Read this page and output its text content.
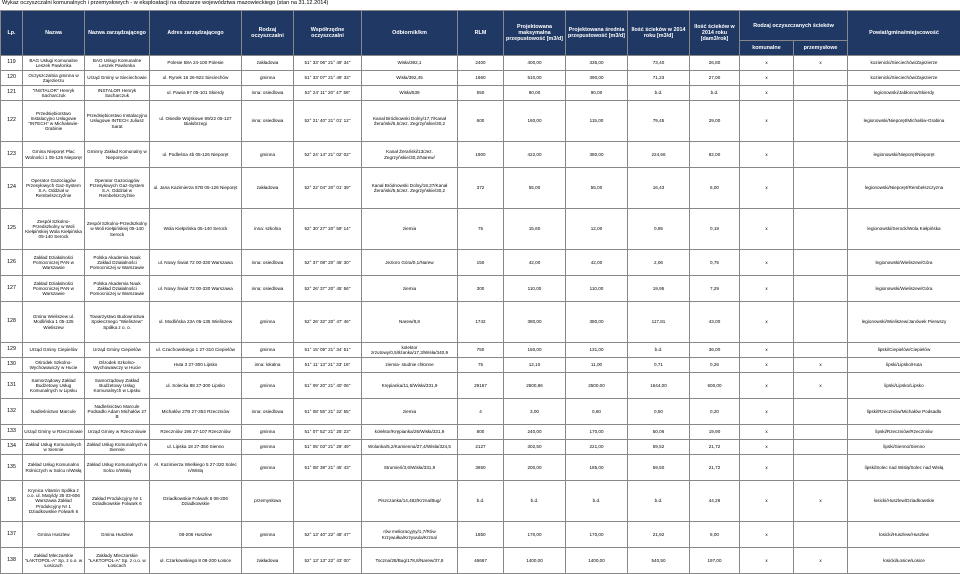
Wykaz oczyszczalni komunalnych i przemysłowych - w eksploatacji na obszarze województwa mazowieckiego (stan na 31.12.2014)
Lp.	Nazwa	Nazwa zarządzającego	Adres zarządzającego	Rodzaj oczyszczalni	Współrzędne oczyszczalni	Odbiornik/km	RLM	Projektowana maksymalna przepustowość [m3/d]	Projektowana średnia przepustowość [m3/d]	Ilość ścieków w 2014 roku [m3/d]	Ilość ścieków w 2014 roku [dam3/rok]	Rodzaj oczyszczanych ścieków		Powiat/gmina/miejscowość
												komunalne	przemysłowe	
119	BAG Usługi Komunalne Leszek Pawlonka	BAG Usługi Komunalne Leszek Pawlonka	Polesie 58A 24-100 Polesie	zakładowa	51° 33' 06'' 21° 49' 34''	Wisła/392,1	2400	400,00	335,00	73,40	26,80	x	x	kozienicki/Sieciechów/Zajezierze
120	Oczyszczalnia gminna w Zajezierzu	Urząd Gminy w Sieciechowie	ul. Rynek 16 26-922 Sieciechów	gminna	51° 33' 07'' 21° 49' 33''	Wisła/392,45	1660	510,00	390,00	71,23	27,00	x		kozienicki/Sieciechów/Zajezierze
121	"INSTALOR" Henryk Sacharczuk	INSTALOR Henryk Sacharczuk	ul. Pawia 97 05-101 Skierdy	inna: osiedlowa	52° 24' 11'' 20° 47' 56''	Wisła/539	550	90,00	90,00	b.d.	b.d.	x		legionowski/Jabłonna/Skierdy
122	Przedsiębiorstwo Instalacyjno Usługowe "INTECH" w Michałowie-Grabinie	Przedsiębiorstwo Instalacyjno Usługowe INTECH Juliusz Sarat	ul. Osiedle Wojskowe 89/22 05-127 Białobrzegi	inna: osiedlowa	52° 21' 40'' 21° 01' 12''	Kanał Bródnowski Dolny/17,7/Kanał Żerański/5,5/Jez. Zegrzyńskie/30,2	600	160,00	115,00	79,45	29,00	x		legionowski/Nieporęt/Michałów-Grabina
123	Gmina Nieporęt Plac Wolności 1 05-126 Nieporęt	Gminny Zakład Komunalny w Nieporęcie	ul. Podleśna 4b 05-126 Nieporęt	gminna	52° 24' 14'' 21° 02' 02''	Kanał Żerański/13/Jez. Zegrzyńskie/30,2/Narew/	1900	422,00	380,00	224,66	82,00	x		legionowski/Nieporęt/Nieporęt
124	Operator Gazociągów Przesyłowych Gaz-System S.A. Oddział w Rembelszczyźnie	Operator Gazociągów Przesyłowych Gaz-System S.A. Oddział w Rembelszczyźnie	ul. Jana Kazimierza 57B 05-126 Nieporęt	zakładowa	52° 22' 04'' 20° 01' 39''	Kanał Bródnowski Dolny/18,37/Kanał Żerański/5,5/Jez. Zegrzyńskie/30,2	372	55,00	55,00	16,43	6,00	x		legionowski/Nieporęt/Rembelszczyzna
125	Zespół Szkolno-Przedszkolny w Woli Kiełpińskiej Wola Kiełpińska 05-140 Serock	Zespół Szkolno-Przedszkolny w Woli Kiełpińskiej 05-140 Serock	Wola Kiełpińska 05-140 Serock	inna: szkolna	52° 30' 27'' 20° 59' 14''	ziemia	75	15,60	12,00	0,95	0,19	x		legionowski/Serock/Wola Kiełpińska
126	Zakład Działalności Pomocniczej PAN w Warszawie	Polska Akademia Nauk Zakład Działalności Pomocniczej w Warszawie	ul. Nowy Świat 72 00-330 Warszawa	inna: osiedlowa	52° 37' 08'' 20° 46' 30''	Jezioro Góra/0,1/Narew	150	42,00	42,00	2,06	0,75	x		legionowski/Wieliszew/Góra
127	Zakład Działalności Pomocniczej PAN w Warszawie	Polska Akademia Nauk Zakład Działalności Pomocniczej w Warszawie	ul. Nowy Świat 72 00-330 Warszawa	inna: osiedlowa	52° 26' 37'' 20° 45' 56''	ziemia	300	110,00	110,00	19,95	7,29	x		legionowski/Wieliszew/Góra
128	Gmina Wieliszew ul. Modlińska 1 05-135 Wieliszew	Towarzystwo Budownictwa Społecznego "Wieliszew" Spółka z o. o.	ul. Modlińska 23A 05-135 Wieliszew	gminna	52° 26' 32'' 20° 47' 46''	Narew/8,8	1742	380,00	380,00	117,81	43,00	x		legionowski/Wieliszew/Janówek Pierwszy
129	Urząd Gminy Ciepielów	Urząd Gminy Ciepielów	ul. Czachowskiego 1 27-310 Ciepielów	gminna	51° 15' 09'' 21° 34' 51''	kolektor zrzutowy/0,5/Iłżanka/17,3/Wisła/340,9	750	150,00	131,00	b.d.	36,00	x		lipski/Ciepielów/Ciepielów
130	Ośrodek Szkolno-Wychowawczy w Hucie	Ośrodek Szkolno-Wychowawczy w Hucie	Huta 3 27-300 Lipsko	inna: lokalna	51° 11' 13'' 21° 33' 16''	ziemia- studnie chłonne	75	12,10	11,00	0,71	0,26	x	x	lipski/Lipsko/Huta
131	Samorządowy Zakład Budżetowy Usług Komunalnych w Lipsku	Samorządowy Zakład Budżetowy Usług Komunalnych w Lipsku	ul. Solecka 88 27-300 Lipsko	gminna	51° 09' 20'' 21° 40' 06''	Krępianka/11,5/Wisła/331,9	29167	2500,86	2500,00	1644,00	600,00	x	x	lipski/Lipsko/Lipsko
132	Nadleśnictwo Marcule	Nadleśnictwo Marcule Podsadło Adam Michałów 27 B	Michałów 27B 27-353 Rzeczniów	inna: osiedlowa	51° 08' 55'' 21° 22' 55''	ziemia	4	3,00	0,60	0,50	0,20	x		lipski/Rzeczniów/Michałów Podsadło
133	Urząd Gminy w Rzeczniowie	Urząd Gminy w Rzeczniowie	Rzeczniów 196 27-107 Rzeczniów	gminna	51° 07' 52'' 21° 25' 23''	kolektor/Krępianka/26/Wisła/331,9	800	240,00	170,00	50,06	19,90	x		lipski/Rzeczniów/Rzeczniów
134	Zakład Usług Komunalnych w Siennie	Zakład Usług Komunalnych w Siennie	ul. Lipska 18 27-350 Sienno	gminna	51° 05' 03'' 21° 28' 49''	Wolanka/5,2/Kamienna/27,4/Wisła/324,5	2127	302,50	221,00	59,52	21,72	x		lipski/Sienno/Sienno
135	Zakład Usług Komunalno Rolniczych w Solcu n/Wisłą	Zakład Usług Komunalnych w Solcu n/Wisłą	Al. Kazimierza Wielkiego 5 27-320 Solec n/Wisłą	gminna	51° 08' 38'' 21° 45' 43''	Strumień/3,6/Wisła/331,9	3650	200,00	185,00	59,50	21,72	x		lipski/Solec nad Wisłą/Solec nad Wisłą
136	Krynica Vitamin Spółka z o.o. ul. Matyldy 35 03-606 Warszawa Zakład Produkcyjny Nr 1 Dziadkowskie Folwark 6	Zakład Produkcyjny Nr 1 Dziadkowskie Folwark 6	Dziadkowskie Folwark 6 08-206 Dziadkowskie	przemysłowa		Piszczanka/14,482/Krzna/Bug/	b.d.	b.d.	b.d.	b.d.	44,26	x	x	łosicki/Huszlew/Dziadkowskie
137	Gmina Huszlew	Gmina Huszlew	08-206 Huszlew	gminna	52° 13' 40'' 22° 48' 47''	rów melioracyjny/1,7/Rów Krzywułka/Krzywula/Krzna/	1850	170,00	170,00	21,92	8,00	x		łosicki/Huszlew/Huszlew
138	Zakład Mleczarskie "ŁAKTOPOL-A" Sp. z o.o. w Łosicach	Zakłady Mleczarskie "ŁAKTOPOL-A" Sp. z o.o. w Łosicach	ul. Czarkowskiego 8 08-200 Łosice	zakładowa	52° 13' 13'' 22° 43' 00''	Toczna/28/Bug/178,8/Narew/37,8	46667	1400,00	1400,00	540,50	197,00	x	x	łosicki/Łosice/Łosice
